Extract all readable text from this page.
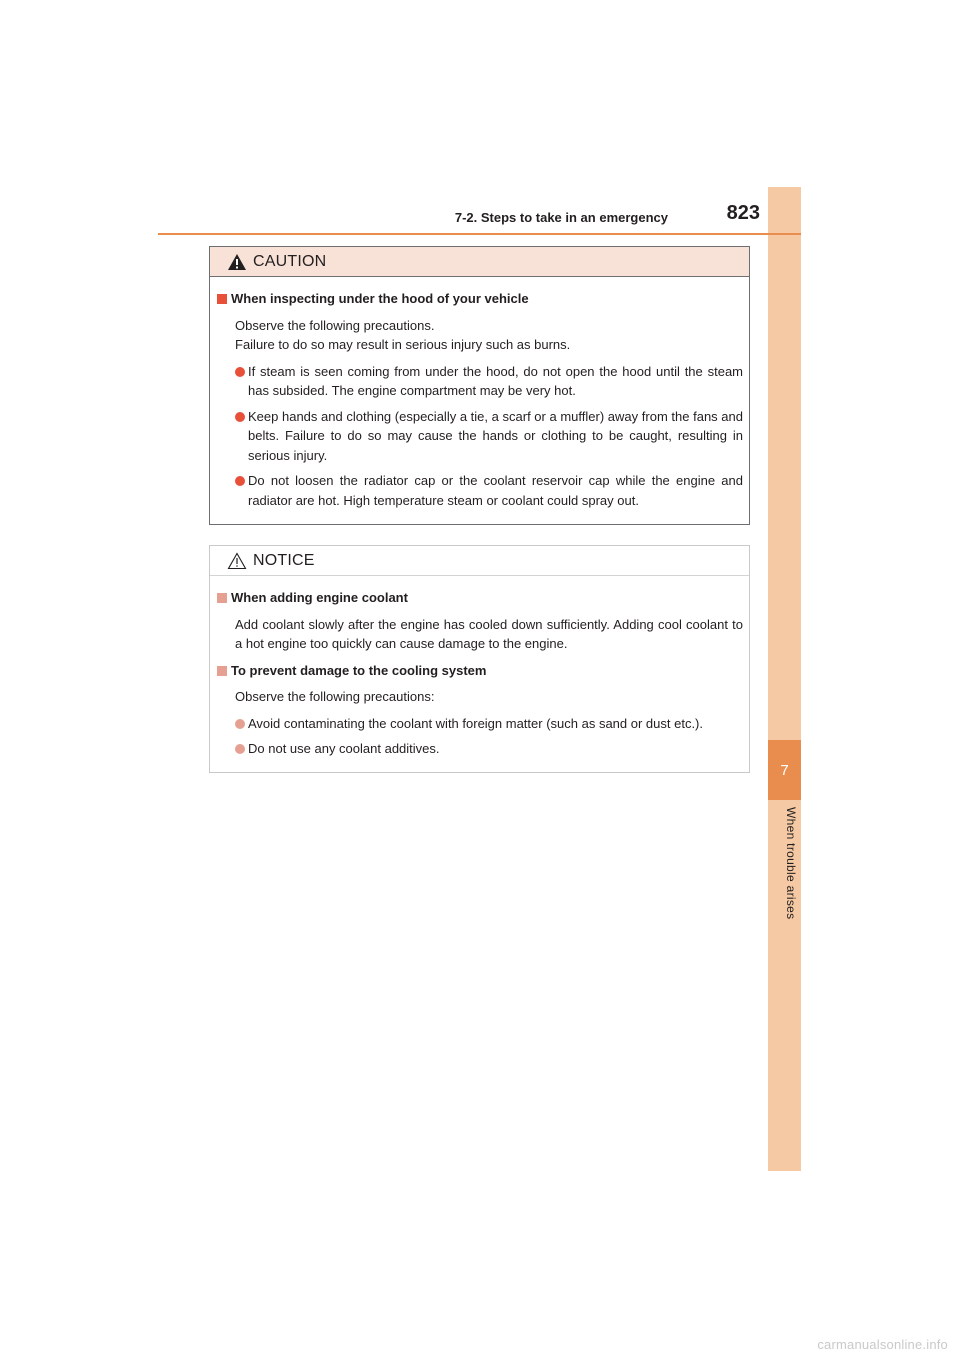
7
When trouble arises
7-2. Steps to take in an emergency	823
CAUTION
When inspecting under the hood of your vehicle
Observe the following precautions.
Failure to do so may result in serious injury such as burns.
If steam is seen coming from under the hood, do not open the hood until the steam has subsided. The engine compartment may be very hot.
Keep hands and clothing (especially a tie, a scarf or a muffler) away from the fans and belts. Failure to do so may cause the hands or clothing to be caught, resulting in serious injury.
Do not loosen the radiator cap or the coolant reservoir cap while the engine and radiator are hot. High temperature steam or coolant could spray out.
NOTICE
When adding engine coolant
Add coolant slowly after the engine has cooled down sufficiently. Adding cool coolant to a hot engine too quickly can cause damage to the engine.
To prevent damage to the cooling system
Observe the following precautions:
Avoid contaminating the coolant with foreign matter (such as sand or dust etc.).
Do not use any coolant additives.
carmanualsonline.info
